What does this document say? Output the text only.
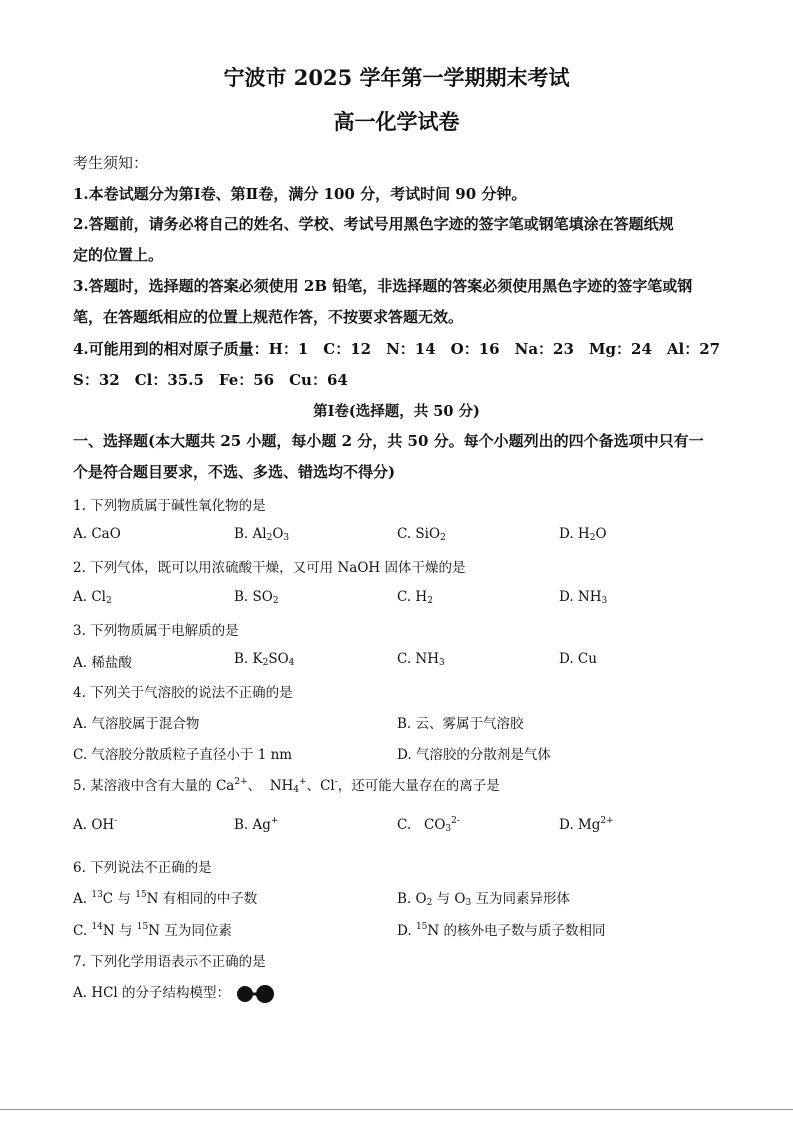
宁波市 2025 学年第一学期期末考试
高一化学试卷
考生须知：
1.本卷试题分为第Ⅰ卷、第Ⅱ卷，满分 100 分，考试时间 90 分钟。
2.答题前，请务必将自己的姓名、学校、考试号用黑色字迹的签字笔或钢笔填涂在答题纸规
定的位置上。
3.答题时，选择题的答案必须使用 2B 铅笔，非选择题的答案必须使用黑色字迹的签字笔或钢
笔，在答题纸相应的位置上规范作答，不按要求答题无效。
4.可能用到的相对原子质量：H：1　C：12　N：14　O：16　Na：23　Mg：24　Al：27
S：32　Cl：35.5　Fe：56　Cu：64
第Ⅰ卷(选择题，共 50 分)
一、选择题(本大题共 25 小题，每小题 2 分，共 50 分。每个小题列出的四个备选项中只有一
个是符合题目要求，不选、多选、错选均不得分)
1. 下列物质属于碱性氧化物的是
A. CaO	B. $Al_2O_3$	C. SiO$_2$	D. $H_2O$
2. 下列气体，既可以用浓硫酸干燥，又可用 NaOH 固体干燥的是
A. $Cl_2$	B. $SO_2$	C. $H_2$	D. $NH_3$
3. 下列物质属于电解质的是
A. 稀盐酸	B. $K_2SO_4$	C. $NH_3$	D. Cu
4. 下列关于气溶胶的说法不正确的是
A. 气溶胶属于混合物	B. 云、雾属于气溶胶
C. 气溶胶分散质粒子直径小于 1 nm	D. 气溶胶的分散剂是气体
5. 某溶液中含有大量的 $Ca^{2+}$、  $NH_4^+$、Cl-，还可能大量存在的离子是
A. OH-	B. Ag+	C.   $CO_3^{2-}$	D. $Mg^{2+}$
6. 下列说法不正确的是
A. $^{13}$C 与 $^{15}$N 有相同的中子数	B. $O_2$ 与 $O_3$ 互为同素异形体
C. $^{14}$N 与 $^{15}$N 互为同位素	D. $^{15}$N 的核外电子数与质子数相同
7. 下列化学用语表示不正确的是
A. HCl 的分子结构模型：
